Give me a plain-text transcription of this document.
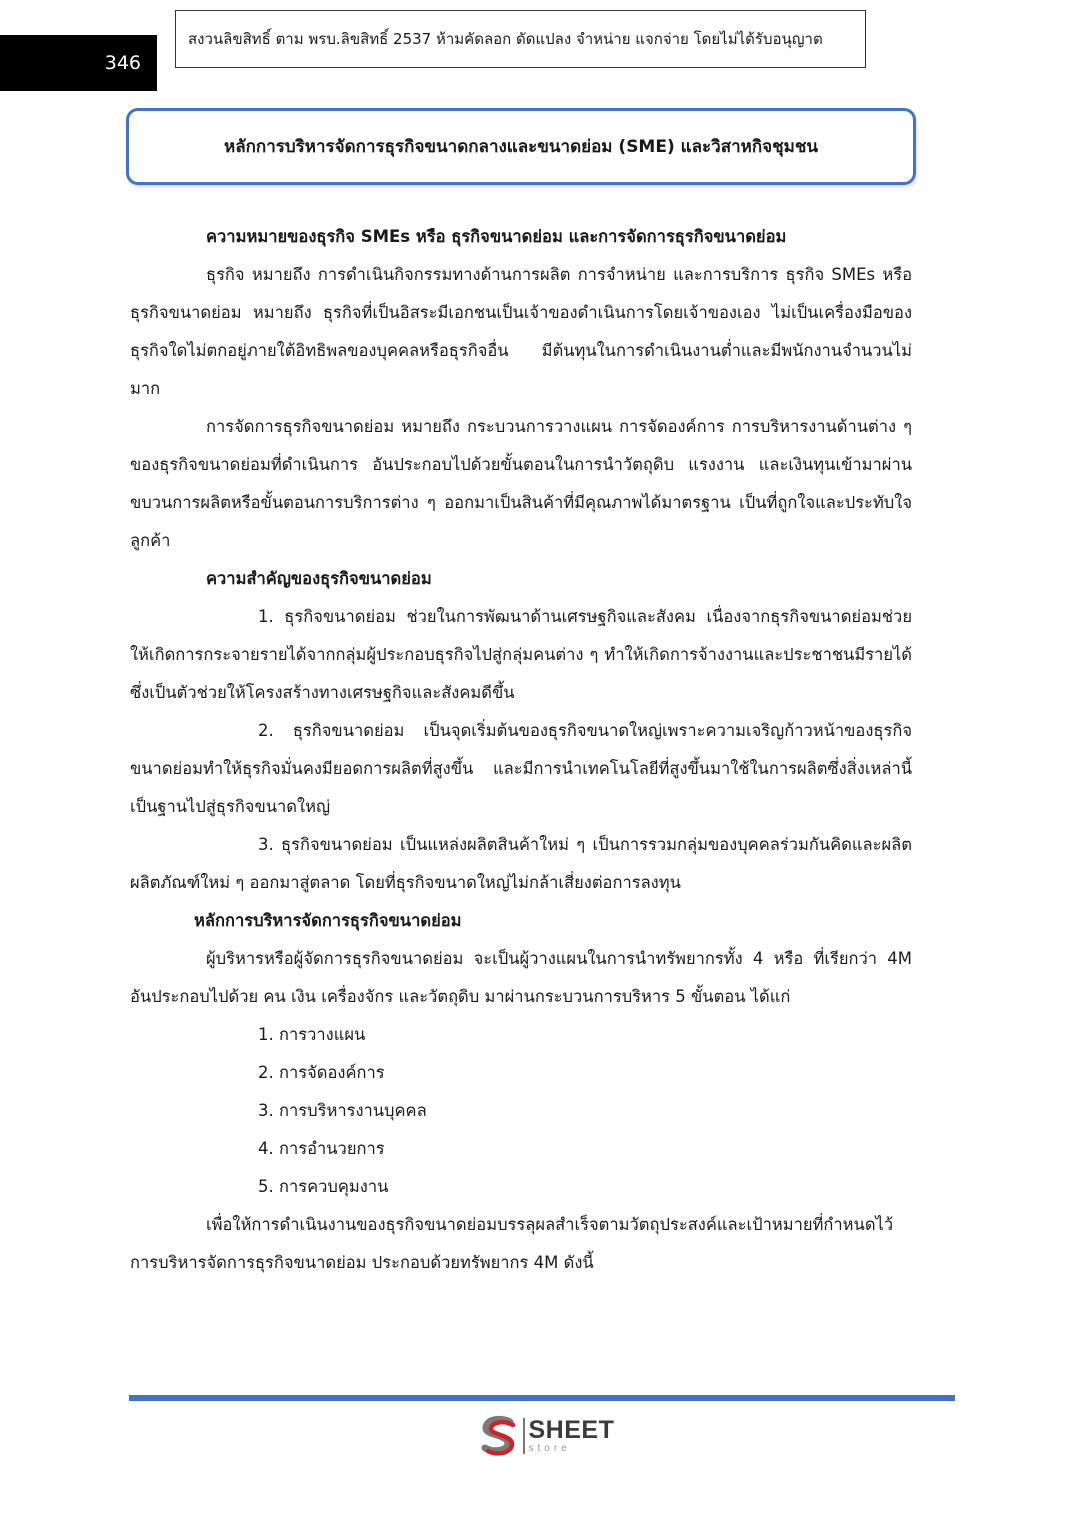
346
สงวนลิขสิทธิ์ ตาม พรบ.ลิขสิทธิ์ 2537 ห้ามคัดลอก ดัดแปลง จำหน่าย แจกจ่าย โดยไม่ได้รับอนุญาต
หลักการบริหารจัดการธุรกิจขนาดกลางและขนาดย่อม (SME) และวิสาหกิจชุมชน

ความหมายของธุรกิจ SMEs หรือ ธุรกิจขนาดย่อม และการจัดการธุรกิจขนาดย่อม

ธุรกิจ หมายถึง การดำเนินกิจกรรมทางด้านการผลิต การจำหน่าย และการบริการ ธุรกิจ SMEs หรือธุรกิจขนาดย่อม หมายถึง ธุรกิจที่เป็นอิสระมีเอกชนเป็นเจ้าของดำเนินการโดยเจ้าของเอง ไม่เป็นเครื่องมือของธุรกิจใดไม่ตกอยู่ภายใต้อิทธิพลของบุคคลหรือธุรกิจอื่น มีต้นทุนในการดำเนินงานต่ำและมีพนักงานจำนวนไม่มาก

การจัดการธุรกิจขนาดย่อม หมายถึง กระบวนการวางแผน การจัดองค์การ การบริหารงานด้านต่าง ๆ ของธุรกิจขนาดย่อมที่ดำเนินการ อันประกอบไปด้วยขั้นตอนในการนำวัตถุดิบ แรงงาน และเงินทุนเข้ามาผ่านขบวนการผลิตหรือขั้นตอนการบริการต่าง ๆ ออกมาเป็นสินค้าที่มีคุณภาพได้มาตรฐาน เป็นที่ถูกใจและประทับใจลูกค้า

ความสำคัญของธุรกิจขนาดย่อม

1. ธุรกิจขนาดย่อม ช่วยในการพัฒนาด้านเศรษฐกิจและสังคม เนื่องจากธุรกิจขนาดย่อมช่วยให้เกิดการกระจายรายได้จากกลุ่มผู้ประกอบธุรกิจไปสู่กลุ่มคนต่าง ๆ ทำให้เกิดการจ้างงานและประชาชนมีรายได้ ซึ่งเป็นตัวช่วยให้โครงสร้างทางเศรษฐกิจและสังคมดีขึ้น

2. ธุรกิจขนาดย่อม เป็นจุดเริ่มต้นของธุรกิจขนาดใหญ่เพราะความเจริญก้าวหน้าของธุรกิจขนาดย่อมทำให้ธุรกิจมั่นคงมียอดการผลิตที่สูงขึ้น และมีการนำเทคโนโลยีที่สูงขึ้นมาใช้ในการผลิตซึ่งสิ่งเหล่านี้เป็นฐานไปสู่ธุรกิจขนาดใหญ่

3. ธุรกิจขนาดย่อม เป็นแหล่งผลิตสินค้าใหม่ ๆ เป็นการรวมกลุ่มของบุคคลร่วมกันคิดและผลิต ผลิตภัณฑ์ใหม่ ๆ ออกมาสู่ตลาด โดยที่ธุรกิจขนาดใหญ่ไม่กล้าเสี่ยงต่อการลงทุน

หลักการบริหารจัดการธุรกิจขนาดย่อม

ผู้บริหารหรือผู้จัดการธุรกิจขนาดย่อม จะเป็นผู้วางแผนในการนำทรัพยากรทั้ง 4 หรือ ที่เรียกว่า 4M อันประกอบไปด้วย คน เงิน เครื่องจักร และวัตถุดิบ มาผ่านกระบวนการบริหาร 5 ขั้นตอน ได้แก่

1. การวางแผน

2. การจัดองค์การ

3. การบริหารงานบุคคล

4. การอำนวยการ

5. การควบคุมงาน

เพื่อให้การดำเนินงานของธุรกิจขนาดย่อมบรรลุผลสำเร็จตามวัตถุประสงค์และเป้าหมายที่กำหนดไว้การบริหารจัดการธุรกิจขนาดย่อม ประกอบด้วยทรัพยากร 4M ดังนี้

SHEET
store
